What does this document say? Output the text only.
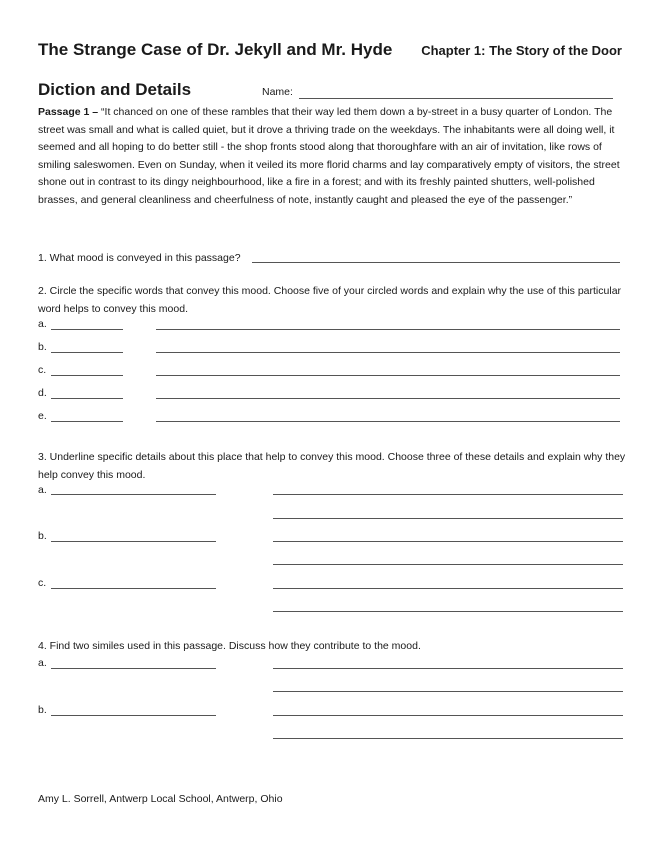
The Strange Case of Dr. Jekyll and Mr. Hyde Chapter 1: The Story of the Door
Diction and Details	Name:

Passage 1 – “It chanced on one of these rambles that their way led them down a by-street in a busy quarter of London. The street was small and what is called quiet, but it drove a thriving trade on the weekdays. The inhabitants were all doing well, it seemed and all hoping to do better still - the shop fronts stood along that thoroughfare with an air of invitation, like rows of smiling saleswomen. Even on Sunday, when it veiled its more florid charms and lay comparatively empty of visitors, the street shone out in contrast to its dingy neighbourhood, like a fire in a forest; and with its freshly painted shutters, well-polished brasses, and general cleanliness and cheerfulness of note, instantly caught and pleased the eye of the passenger.”

1. What mood is conveyed in this passage?
2. Circle the specific words that convey this mood. Choose five of your circled words and explain why the use of this particular word helps to convey this mood.
a.
b.
c.
d.
e.
3. Underline specific details about this place that help to convey this mood. Choose three of these details and explain why they help convey this mood.
a.
b.
c.
4. Find two similes used in this passage. Discuss how they contribute to the mood.
a.
b.
Amy L. Sorrell, Antwerp Local School, Antwerp, Ohio
